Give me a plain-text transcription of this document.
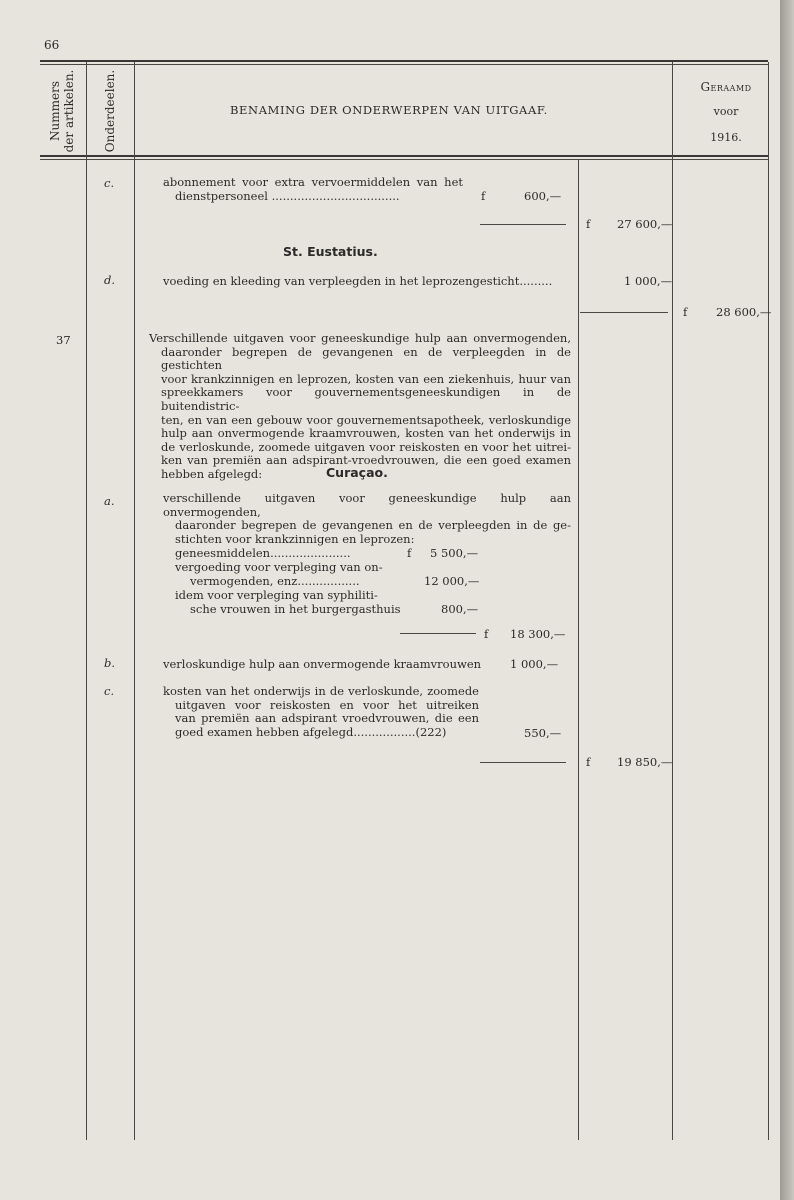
66
Nummers der artikelen. Onderdeelen.	BENAMING DER ONDERWERPEN VAN UITGAAF.
Geraamd
voor
1916.
c.	abonnement voor extra vervoermiddelen van het
dienstpersoneel ...................................	f	600,—
f 27 600,—
St. Eustatius.
d.	voeding en kleeding van verpleegden in het leprozengesticht.........	1 000,—
f 28 600,—
37	Verschillende uitgaven voor geneeskundige hulp aan onvermogenden,
daaronder begrepen de gevangenen en de verpleegden in de gestichten
voor krankzinnigen en leprozen, kosten van een ziekenhuis, huur van
spreekkamers voor gouvernementsgeneeskundigen in de buitendistric-
ten, en van een gebouw voor gouvernementsapotheek, verloskundige
hulp aan onvermogende kraamvrouwen, kosten van het onderwijs in
de verloskunde, zoomede uitgaven voor reiskosten en voor het uitrei-
ken van premiën aan adspirant-vroedvrouwen, die een goed examen
hebben afgelegd:	Curaçao.
a.	verschillende uitgaven voor geneeskundige hulp aan onvermogenden,
daaronder begrepen de gevangenen en de verpleegden in de ge-
stichten voor krankzinnigen en leprozen:
geneesmiddelen......................	f 5 500,—
vergoeding voor verpleging van on-
vermogenden, enz.................	12 000,—
idem voor verpleging van syphiliti-
sche vrouwen in het burgergasthuis	800,—
f 18 300,—
b.	verloskundige hulp aan onvermogende kraamvrouwen	1 000,—
c.	kosten van het onderwijs in de verloskunde, zoomede
uitgaven voor reiskosten en voor het uitreiken
van premiën aan adspirant vroedvrouwen, die een
goed examen hebben afgelegd.................(222)	550,—
f 19 850,—
